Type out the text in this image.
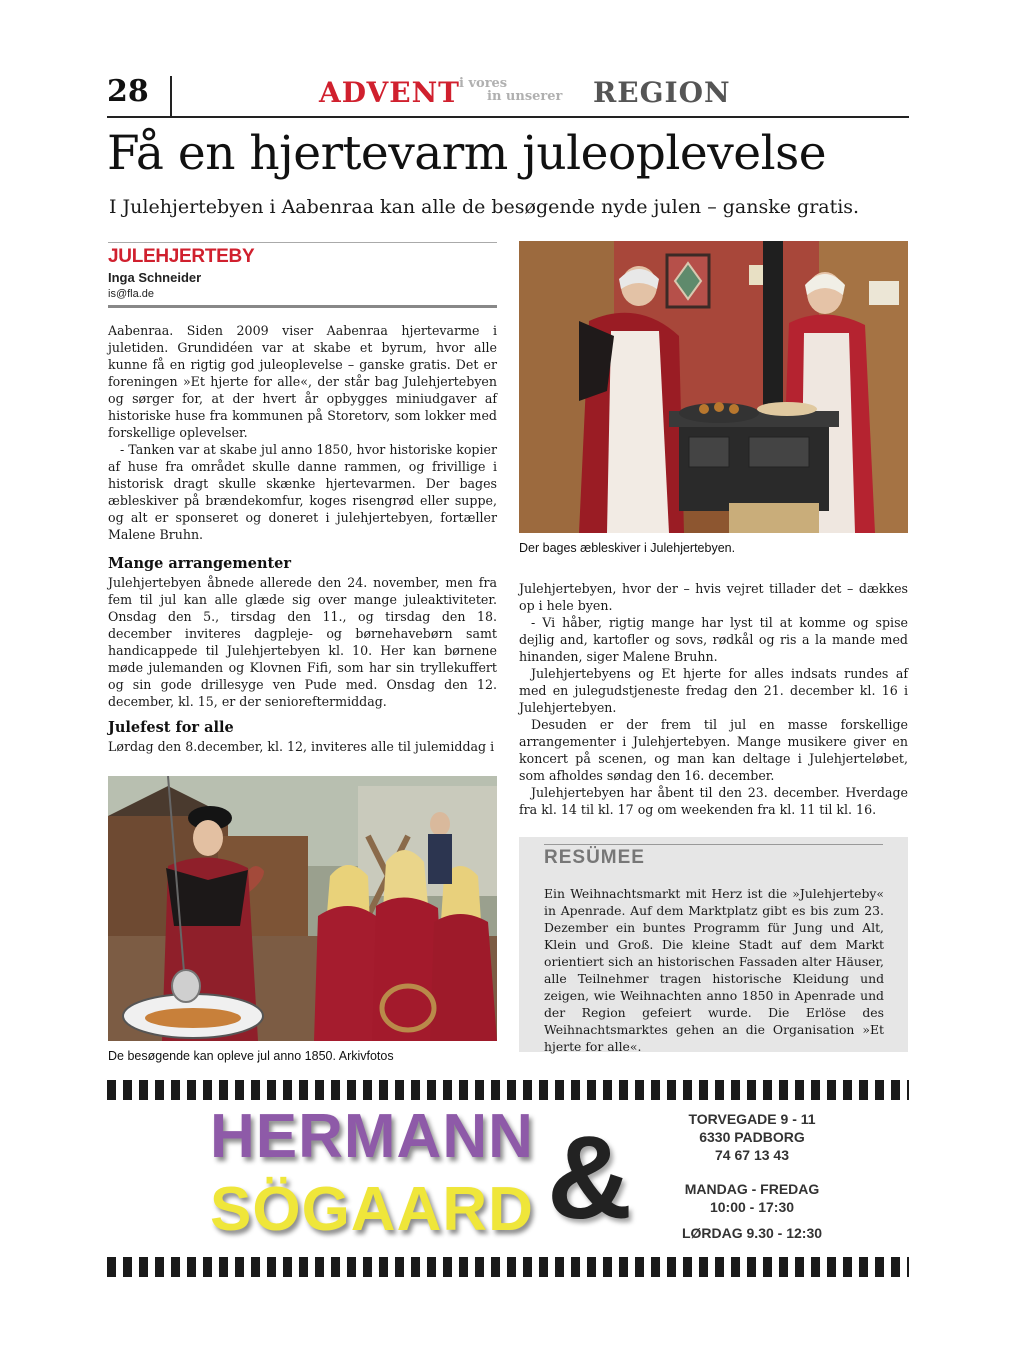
28	ADVENT
i vores
in unserer REGION
Få en hjertevarm juleoplevelse
I Julehjertebyen i Aabenraa kan alle de besøgende nyde julen – ganske gratis.
JULEHJERTEBY
Inga Schneider
is@fla.de

Aabenraa. Siden 2009 viser Aabenraa hjertevarme i juletiden. Grundidéen var at skabe et byrum, hvor alle kunne få en rigtig god juleoplevelse – ganske gratis. Det er foreningen »Et hjerte for alle«, der står bag Julehjertebyen og sørger for, at der hvert år opbygges miniudgaver af historiske huse fra kommunen på Storetorv, som lokker med forskellige oplevelser.

- Tanken var at skabe jul anno 1850, hvor historiske kopier af huse fra området skulle danne rammen, og frivillige i historisk dragt skulle skænke hjertevarmen. Der bages æbleskiver på brændekomfur, koges risengrød eller suppe, og alt er sponseret og doneret i julehjertebyen, fortæller Malene Bruhn.

Mange arrangementer

Julehjertebyen åbnede allerede den 24. november, men fra fem til jul kan alle glæde sig over mange juleaktiviteter. Onsdag den 5., tirsdag den 11., og tirsdag den 18. december inviteres dagpleje- og børnehavebørn samt handicappede til Julehjertebyen kl. 10. Her kan børnene møde julemanden og Klovnen Fifi, som har sin tryllekuffert og sin gode drillesyge ven Pude med. Onsdag den 12. december, kl. 15, er der senioreftermiddag.

Julefest for alle

Lørdag den 8.december, kl. 12, inviteres alle til julemiddag i

Julehjertebyen, hvor der – hvis vejret tillader det – dækkes op i hele byen.

- Vi håber, rigtig mange har lyst til at komme og spise dejlig and, kartofler og sovs, rødkål og ris a la mande med hinanden, siger Malene Bruhn.

Julehjertebyens og Et hjerte for alles indsats rundes af med en julegudstjeneste fredag den 21. december kl. 16 i Julehjertebyen.

Desuden er der frem til jul en masse forskellige arrangementer i Julehjertebyen. Mange musikere giver en koncert på scenen, og man kan deltage i Julehjerteløbet, som afholdes søndag den 16. december.

Julehjertebyen har åbent til den 23. december. Hverdage fra kl. 14 til kl. 17 og om weekenden fra kl. 11 til kl. 16.

Der bages æbleskiver i Julehjertebyen.
De besøgende kan opleve jul anno 1850. Arkivfotos
RESÜMEE

Ein Weihnachtsmarkt mit Herz ist die »Julehjerteby« in Apenrade. Auf dem Marktplatz gibt es bis zum 23. Dezember ein buntes Programm für Jung und Alt, Klein und Groß. Die kleine Stadt auf dem Markt orientiert sich an historischen Fassaden alter Häuser, alle Teilnehmer tragen historische Kleidung und zeigen, wie Weihnachten anno 1850 in Apenrade und der Region gefeiert wurde. Die Erlöse des Weihnachtsmarktes gehen an die Organisation »Et hjerte for alle«.

HERMANN
SÖGAARD &	TORVEGADE 9 - 11
6330 PADBORG
74 67 13 43
MANDAG - FREDAG
10:00 - 17:30
LØRDAG 9.30 - 12:30
